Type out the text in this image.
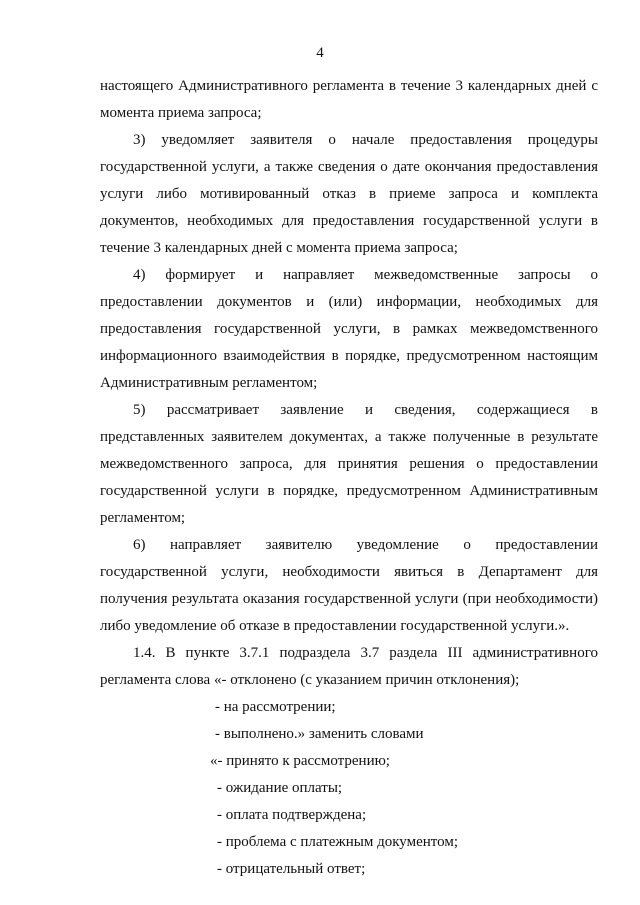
4
настоящего Административного регламента в течение 3 календарных дней с
момента приема запроса;
3) уведомляет заявителя о начале предоставления процедуры
государственной услуги, а также сведения о дате окончания предоставления
услуги либо мотивированный отказ в приеме запроса и комплекта
документов, необходимых для предоставления государственной услуги в
течение 3 календарных дней с момента приема запроса;
4) формирует и направляет межведомственные запросы о
предоставлении документов и (или) информации, необходимых для
предоставления государственной услуги, в рамках межведомственного
информационного взаимодействия в порядке, предусмотренном настоящим
Административным регламентом;
5) рассматривает заявление и сведения, содержащиеся в
представленных заявителем документах, а также полученные в результате
межведомственного запроса, для принятия решения о предоставлении
государственной услуги в порядке, предусмотренном Административным
регламентом;
6) направляет заявителю уведомление о предоставлении
государственной услуги, необходимости явиться в Департамент для
получения результата оказания государственной услуги (при необходимости)
либо уведомление об отказе в предоставлении государственной услуги.».
1.4. В пункте 3.7.1 подраздела 3.7 раздела III административного
регламента слова «- отклонено (с указанием причин отклонения);
- на рассмотрении;
- выполнено.» заменить словами
«- принято к рассмотрению;
- ожидание оплаты;
- оплата подтверждена;
- проблема с платежным документом;
- отрицательный ответ;
